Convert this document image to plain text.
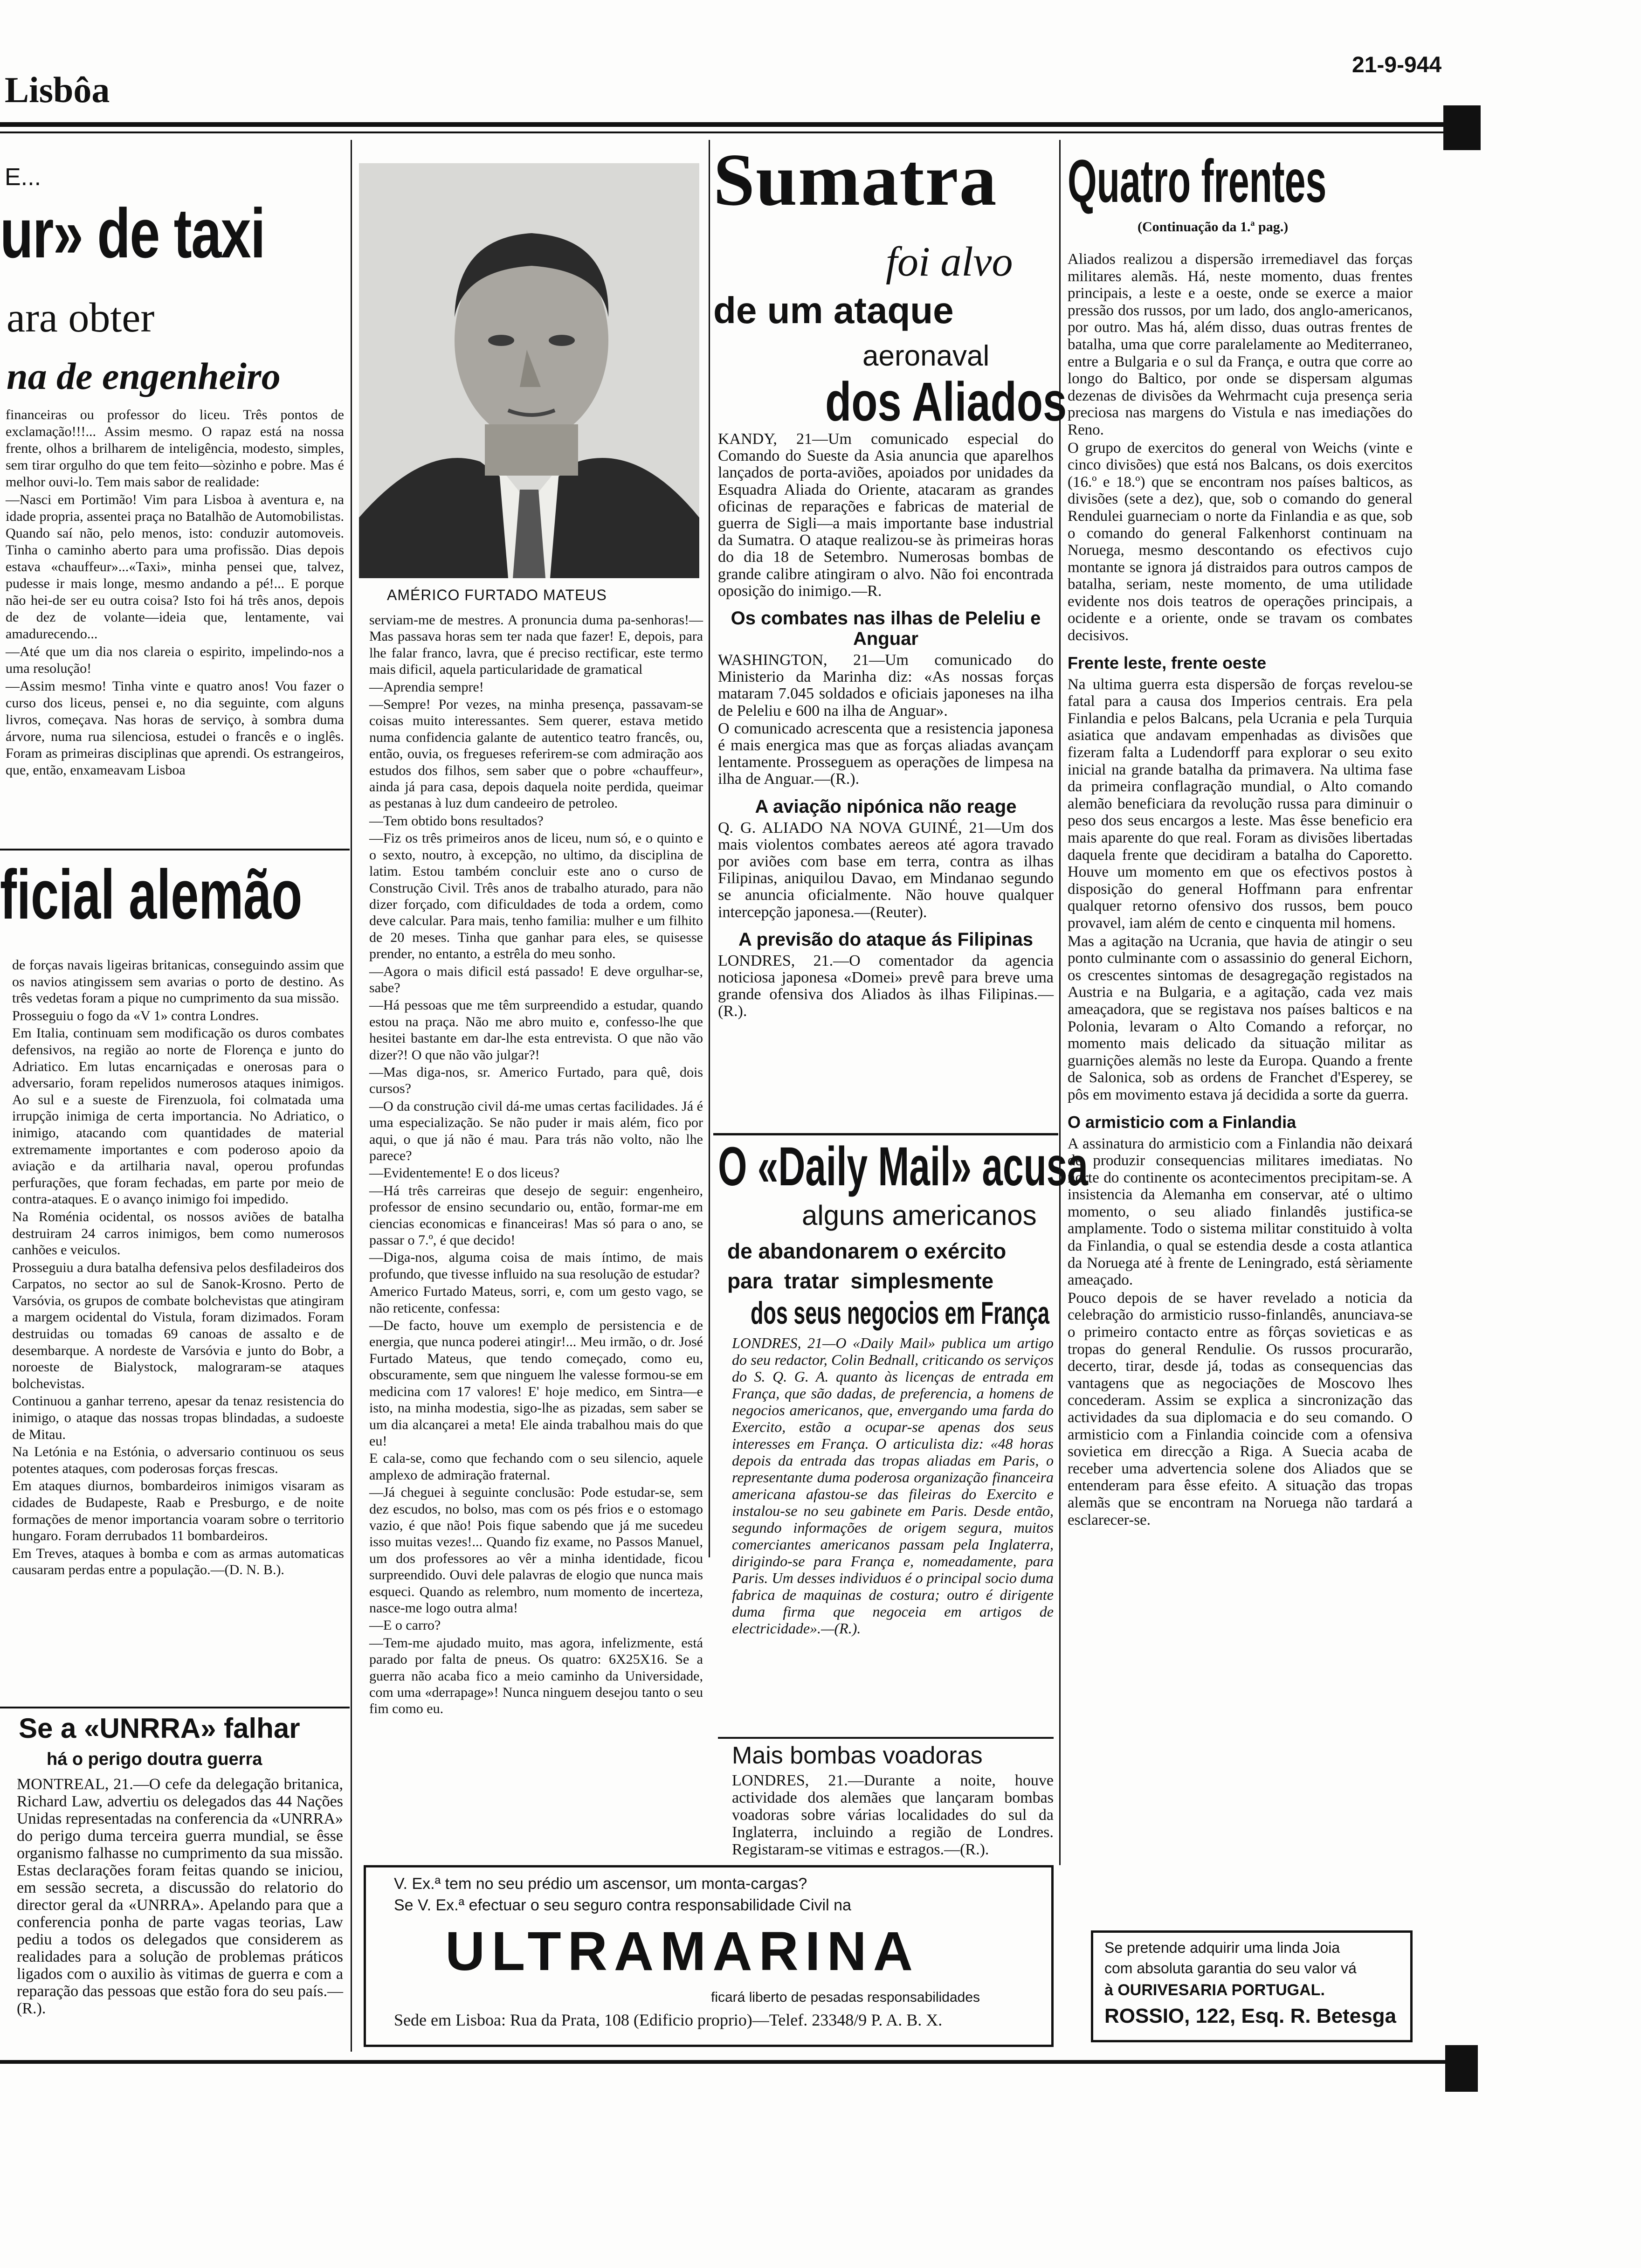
Lisbôa
21-9-944
E...
ur» de taxi
ara obter
na de engenheiro

financeiras ou professor do liceu. Três pontos de exclamação!!!... Assim mesmo. O rapaz está na nossa frente, olhos a brilharem de inteligência, modesto, simples, sem tirar orgulho do que tem feito—sòzinho e pobre. Mas é melhor ouvi-lo. Tem mais sabor de realidade:

—Nasci em Portimão! Vim para Lisboa à aventura e, na idade propria, assentei praça no Batalhão de Automobilistas. Quando saí não, pelo menos, isto: conduzir automoveis. Tinha o caminho aberto para uma profissão. Dias depois estava «chauffeur»...«Taxi», minha pensei que, talvez, pudesse ir mais longe, mesmo andando a pé!... E porque não hei-de ser eu outra coisa? Isto foi há três anos, depois de dez de volante—ideia que, lentamente, vai amadurecendo...

—Até que um dia nos clareia o espirito, impelindo-nos a uma resolução!

—Assim mesmo! Tinha vinte e quatro anos! Vou fazer o curso dos liceus, pensei e, no dia seguinte, com alguns livros, começava. Nas horas de serviço, à sombra duma árvore, numa rua silenciosa, estudei o francês e o inglês. Foram as primeiras disciplinas que aprendi. Os estrangeiros, que, então, enxameavam Lisboa

AMÉRICO FURTADO MATEUS

serviam-me de mestres. A pronuncia duma pa-senhoras!—Mas passava horas sem ter nada que fazer! E, depois, para lhe falar franco, lavra, que é preciso rectificar, este termo mais dificil, aquela particularidade de gramatical

—Aprendia sempre!

—Sempre! Por vezes, na minha presença, passavam-se coisas muito interessantes. Sem querer, estava metido numa confidencia galante de autentico teatro francês, ou, então, ouvia, os fregueses referirem-se com admiração aos estudos dos filhos, sem saber que o pobre «chauffeur», ainda já para casa, depois daquela noite perdida, queimar as pestanas à luz dum candeeiro de petroleo.

—Tem obtido bons resultados?

—Fiz os três primeiros anos de liceu, num só, e o quinto e o sexto, noutro, à excepção, no ultimo, da disciplina de latim. Estou também concluir este ano o curso de Construção Civil. Três anos de trabalho aturado, para não dizer forçado, com dificuldades de toda a ordem, como deve calcular. Para mais, tenho familia: mulher e um filhito de 20 meses. Tinha que ganhar para eles, se quisesse prender, no entanto, a estrêla do meu sonho.

—Agora o mais dificil está passado! E deve orgulhar-se, sabe?

—Há pessoas que me têm surpreendido a estudar, quando estou na praça. Não me abro muito e, confesso-lhe que hesitei bastante em dar-lhe esta entrevista. O que não vão dizer?! O que não vão julgar?!

—Mas diga-nos, sr. Americo Furtado, para quê, dois cursos?

—O da construção civil dá-me umas certas facilidades. Já é uma especialização. Se não puder ir mais além, fico por aqui, o que já não é mau. Para trás não volto, não lhe parece?

—Evidentemente! E o dos liceus?

—Há três carreiras que desejo de seguir: engenheiro, professor de ensino secundario ou, então, formar-me em ciencias economicas e financeiras! Mas só para o ano, se passar o 7.º, é que decido!

—Diga-nos, alguma coisa de mais íntimo, de mais profundo, que tivesse influido na sua resolução de estudar?

Americo Furtado Mateus, sorri, e, com um gesto vago, se não reticente, confessa:

—De facto, houve um exemplo de persistencia e de energia, que nunca poderei atingir!... Meu irmão, o dr. José Furtado Mateus, que tendo começado, como eu, obscuramente, sem que ninguem lhe valesse formou-se em medicina com 17 valores! E' hoje medico, em Sintra—e isto, na minha modestia, sigo-lhe as pizadas, sem saber se um dia alcançarei a meta! Ele ainda trabalhou mais do que eu!

E cala-se, como que fechando com o seu silencio, aquele amplexo de admiração fraternal.

—Já cheguei à seguinte conclusão: Pode estudar-se, sem dez escudos, no bolso, mas com os pés frios e o estomago vazio, é que não! Pois fique sabendo que já me sucedeu isso muitas vezes!... Quando fiz exame, no Passos Manuel, um dos professores ao vêr a minha identidade, ficou surpreendido. Ouvi dele palavras de elogio que nunca mais esqueci. Quando as relembro, num momento de incerteza, nasce-me logo outra alma!

—E o carro?

—Tem-me ajudado muito, mas agora, infelizmente, está parado por falta de pneus. Os quatro: 6X25X16. Se a guerra não acaba fico a meio caminho da Universidade, com uma «derrapage»! Nunca ninguem desejou tanto o seu fim como eu.

ficial alemão

de forças navais ligeiras britanicas, conseguindo assim que os navios atingissem sem avarias o porto de destino. As três vedetas foram a pique no cumprimento da sua missão.

Prosseguiu o fogo da «V 1» contra Londres.

Em Italia, continuam sem modificação os duros combates defensivos, na região ao norte de Florença e junto do Adriatico. Em lutas encarniçadas e onerosas para o adversario, foram repelidos numerosos ataques inimigos. Ao sul e a sueste de Firenzuola, foi colmatada uma irrupção inimiga de certa importancia. No Adriatico, o inimigo, atacando com quantidades de material extremamente importantes e com poderoso apoio da aviação e da artilharia naval, operou profundas perfurações, que foram fechadas, em parte por meio de contra-ataques. E o avanço inimigo foi impedido.

Na Roménia ocidental, os nossos aviões de batalha destruiram 24 carros inimigos, bem como numerosos canhões e veiculos.

Prosseguiu a dura batalha defensiva pelos desfiladeiros dos Carpatos, no sector ao sul de Sanok-Krosno. Perto de Varsóvia, os grupos de combate bolchevistas que atingiram a margem ocidental do Vistula, foram dizimados. Foram destruidas ou tomadas 69 canoas de assalto e de desembarque. A nordeste de Varsóvia e junto do Bobr, a noroeste de Bialystock, malograram-se ataques bolchevistas.

Continuou a ganhar terreno, apesar da tenaz resistencia do inimigo, o ataque das nossas tropas blindadas, a sudoeste de Mitau.

Na Letónia e na Estónia, o adversario continuou os seus potentes ataques, com poderosas forças frescas.

Em ataques diurnos, bombardeiros inimigos visaram as cidades de Budapeste, Raab e Presburgo, e de noite formações de menor importancia voaram sobre o territorio hungaro. Foram derrubados 11 bombardeiros.

Em Treves, ataques à bomba e com as armas automaticas causaram perdas entre a população.—(D. N. B.).

Se a «UNRRA» falhar
há o perigo doutra guerra

MONTREAL, 21.—O cefe da delegação britanica, Richard Law, advertiu os delegados das 44 Nações Unidas representadas na conferencia da «UNRRA» do perigo duma terceira guerra mundial, se êsse organismo falhasse no cumprimento da sua missão. Estas declarações foram feitas quando se iniciou, em sessão secreta, a discussão do relatorio do director geral da «UNRRA». Apelando para que a conferencia ponha de parte vagas teorias, Law pediu a todos os delegados que considerem as realidades para a solução de problemas práticos ligados com o auxilio às vitimas de guerra e com a reparação das pessoas que estão fora do seu país.—(R.).

Sumatra
foi alvo
de um ataque
aeronaval
dos Aliados

KANDY, 21—Um comunicado especial do Comando do Sueste da Asia anuncia que aparelhos lançados de porta-aviões, apoiados por unidades da Esquadra Aliada do Oriente, atacaram as grandes oficinas de reparações e fabricas de material de guerra de Sigli—a mais importante base industrial da Sumatra. O ataque realizou-se às primeiras horas do dia 18 de Setembro. Numerosas bombas de grande calibre atingiram o alvo. Não foi encontrada oposição do inimigo.—R.

Os combates nas ilhas de Peleliu e Anguar

WASHINGTON, 21—Um comunicado do Ministerio da Marinha diz: «As nossas forças mataram 7.045 soldados e oficiais japoneses na ilha de Peleliu e 600 na ilha de Anguar».

O comunicado acrescenta que a resistencia japonesa é mais energica mas que as forças aliadas avançam lentamente. Prosseguem as operações de limpesa na ilha de Anguar.—(R.).

A aviação nipónica não reage

Q. G. ALIADO NA NOVA GUINÉ, 21—Um dos mais violentos combates aereos até agora travado por aviões com base em terra, contra as ilhas Filipinas, aniquilou Davao, em Mindanao segundo se anuncia oficialmente. Não houve qualquer intercepção japonesa.—(Reuter).

A previsão do ataque ás Filipinas

LONDRES, 21.—O comentador da agencia noticiosa japonesa «Domei» prevê para breve uma grande ofensiva dos Aliados às ilhas Filipinas.—(R.).

O «Daily Mail» acusa
alguns americanos
de abandonarem o exército
para tratar simplesmente
dos seus negocios em França

LONDRES, 21—O «Daily Mail» publica um artigo do seu redactor, Colin Bednall, criticando os serviços do S. Q. G. A. quanto às licenças de entrada em França, que são dadas, de preferencia, a homens de negocios americanos, que, envergando uma farda do Exercito, estão a ocupar-se apenas dos seus interesses em França. O articulista diz: «48 horas depois da entrada das tropas aliadas em Paris, o representante duma poderosa organização financeira americana afastou-se das fileiras do Exercito e instalou-se no seu gabinete em Paris. Desde então, segundo informações de origem segura, muitos comerciantes americanos passam pela Inglaterra, dirigindo-se para França e, nomeadamente, para Paris. Um desses individuos é o principal socio duma fabrica de maquinas de costura; outro é dirigente duma firma que negoceia em artigos de electricidade».—(R.).

Mais bombas voadoras

LONDRES, 21.—Durante a noite, houve actividade dos alemães que lançaram bombas voadoras sobre várias localidades do sul da Inglaterra, incluindo a região de Londres. Registaram-se vitimas e estragos.—(R.).

Quatro frentes
(Continuação da 1.ª pag.)

Aliados realizou a dispersão irremediavel das forças militares alemãs. Há, neste momento, duas frentes principais, a leste e a oeste, onde se exerce a maior pressão dos russos, por um lado, dos anglo-americanos, por outro. Mas há, além disso, duas outras frentes de batalha, uma que corre paralelamente ao Mediterraneo, entre a Bulgaria e o sul da França, e outra que corre ao longo do Baltico, por onde se dispersam algumas dezenas de divisões da Wehrmacht cuja presença seria preciosa nas margens do Vistula e nas imediações do Reno.

O grupo de exercitos do general von Weichs (vinte e cinco divisões) que está nos Balcans, os dois exercitos (16.º e 18.º) que se encontram nos países balticos, as divisões (sete a dez), que, sob o comando do general Rendulei guarneciam o norte da Finlandia e as que, sob o comando do general Falkenhorst continuam na Noruega, mesmo descontando os efectivos cujo montante se ignora já distraidos para outros campos de batalha, seriam, neste momento, de uma utilidade evidente nos dois teatros de operações principais, a ocidente e a oriente, onde se travam os combates decisivos.

Frente leste, frente oeste

Na ultima guerra esta dispersão de forças revelou-se fatal para a causa dos Imperios centrais. Era pela Finlandia e pelos Balcans, pela Ucrania e pela Turquia asiatica que andavam empenhadas as divisões que fizeram falta a Ludendorff para explorar o seu exito inicial na grande batalha da primavera. Na ultima fase da primeira conflagração mundial, o Alto comando alemão beneficiara da revolução russa para diminuir o peso dos seus encargos a leste. Mas êsse beneficio era mais aparente do que real. Foram as divisões libertadas daquela frente que decidiram a batalha do Caporetto. Houve um momento em que os efectivos postos à disposição do general Hoffmann para enfrentar qualquer retorno ofensivo dos russos, bem pouco provavel, iam além de cento e cinquenta mil homens.

Mas a agitação na Ucrania, que havia de atingir o seu ponto culminante com o assassinio do general Eichorn, os crescentes sintomas de desagregação registados na Austria e na Bulgaria, e a agitação, cada vez mais ameaçadora, que se registava nos países balticos e na Polonia, levaram o Alto Comando a reforçar, no momento mais delicado da situação militar as guarnições alemãs no leste da Europa. Quando a frente de Salonica, sob as ordens de Franchet d'Esperey, se pôs em movimento estava já decidida a sorte da guerra.

O armisticio com a Finlandia

A assinatura do armisticio com a Finlandia não deixará de produzir consequencias militares imediatas. No norte do continente os acontecimentos precipitam-se. A insistencia da Alemanha em conservar, até o ultimo momento, o seu aliado finlandês justifica-se amplamente. Todo o sistema militar constituido à volta da Finlandia, o qual se estendia desde a costa atlantica da Noruega até à frente de Leningrado, está sèriamente ameaçado.

Pouco depois de se haver revelado a noticia da celebração do armisticio russo-finlandês, anunciava-se o primeiro contacto entre as fôrças sovieticas e as tropas do general Rendulie. Os russos procurarão, decerto, tirar, desde já, todas as consequencias das vantagens que as negociações de Moscovo lhes concederam. Assim se explica a sincronização das actividades da sua diplomacia e do seu comando. O armisticio com a Finlandia coincide com a ofensiva sovietica em direcção a Riga. A Suecia acaba de receber uma advertencia solene dos Aliados que se entenderam para êsse efeito. A situação das tropas alemãs que se encontram na Noruega não tardará a esclarecer-se.

V. Ex.ª tem no seu prédio um ascensor, um monta-cargas?
Se V. Ex.ª efectuar o seu seguro contra responsabilidade Civil na
ULTRAMARINA
ficará liberto de pesadas responsabilidades
Sede em Lisboa: Rua da Prata, 108 (Edificio proprio)—Telef. 23348/9 P. A. B. X.
Se pretende adquirir uma linda Joia
com absoluta garantia do seu valor vá
à OURIVESARIA PORTUGAL.
ROSSIO, 122, Esq. R. Betesga
